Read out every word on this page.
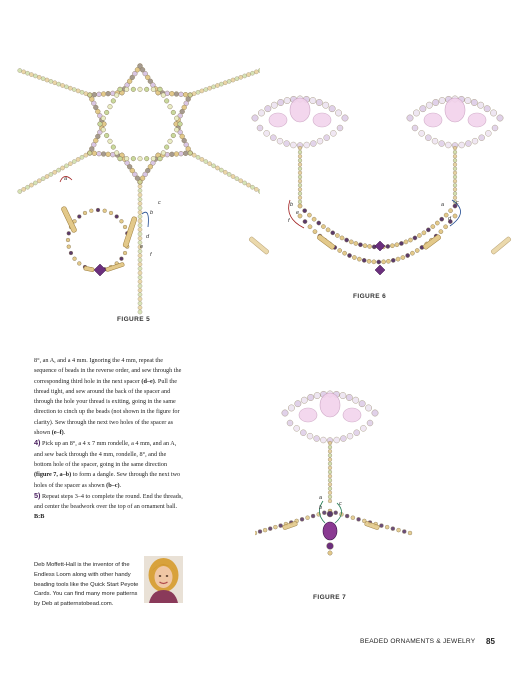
a
b
c
d
e
f
FIGURE 5
b
f
a c
d
e
FIGURE 6
b
a
c
FIGURE 7

8°, an A, and a 4 mm. Ignoring the 4 mm, repeat the sequence of beads in the reverse order, and sew through the corresponding third hole in the next spacer (d–e). Pull the thread tight, and sew around the back of the spacer and through the hole your thread is exiting, going in the same direction to cinch up the beads (not shown in the figure for clarity). Sew through the next two holes of the spacer as shown (e–f).

4) Pick up an 8°, a 4 x 7 mm rondelle, a 4 mm, and an A, and sew back through the 4 mm, rondelle, 8°, and the bottom hole of the spacer, going in the same direction (figure 7, a–b) to form a dangle. Sew through the next two holes of the spacer as shown (b–c).

5) Repeat steps 3–4 to complete the round. End the threads, and center the beadwork over the top of an ornament ball. B:B

Deb Moffett-Hall is the inventor of the Endless Loom along with other handy beading tools like the Quick Start Peyote Cards. You can find many more patterns by Deb at patternstobead.com.
BEADED ORNAMENTS & JEWELRY 85
